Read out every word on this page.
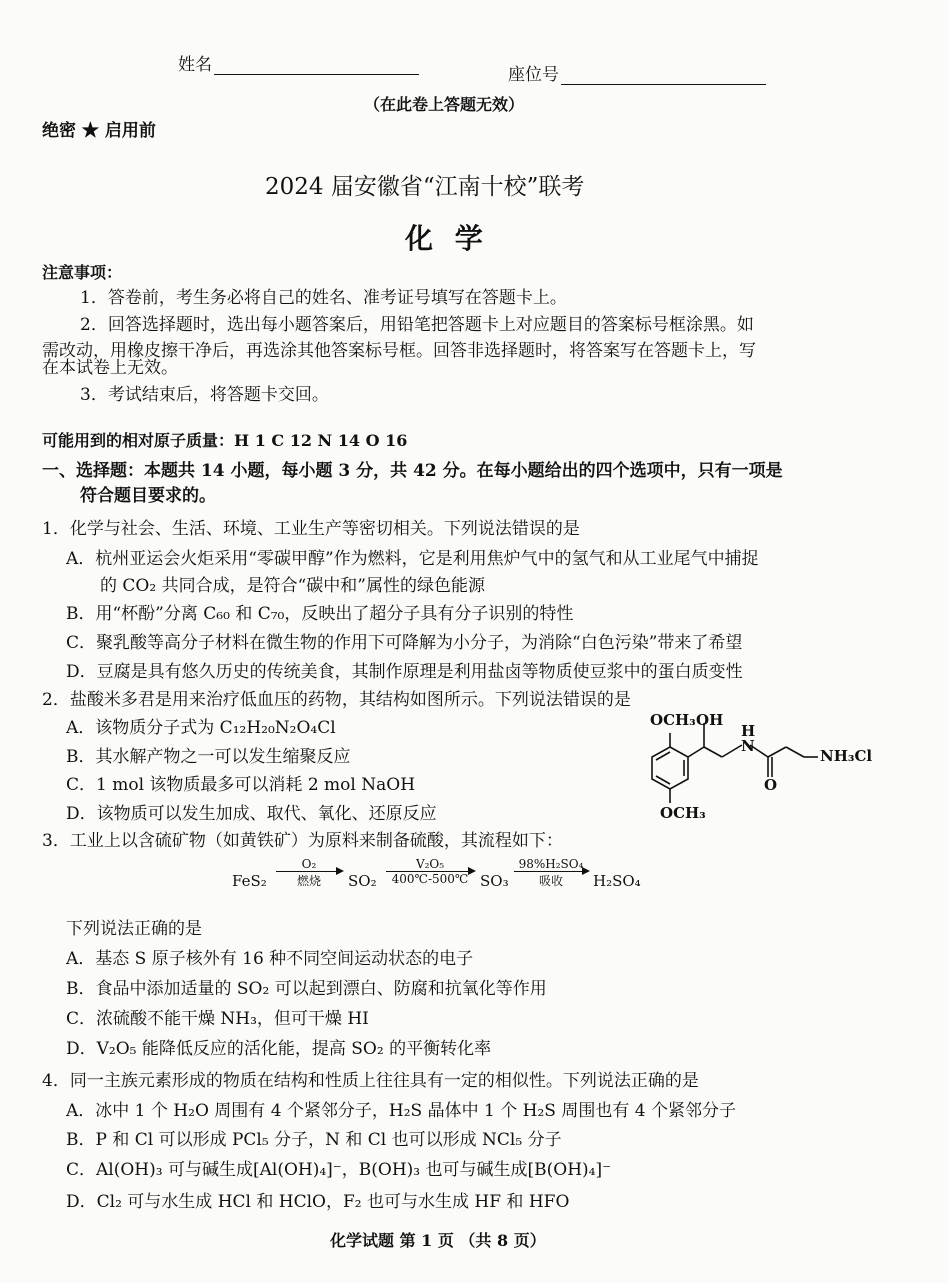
姓名	座位号
（在此卷上答题无效）
绝密 ★ 启用前
2024 届安徽省“江南十校”联考
化 学
注意事项：
1．答卷前，考生务必将自己的姓名、准考证号填写在答题卡上。
2．回答选择题时，选出每小题答案后，用铅笔把答题卡上对应题目的答案标号框涂黑。如
需改动，用橡皮擦干净后，再选涂其他答案标号框。回答非选择题时，将答案写在答题卡上，写
在本试卷上无效。
3．考试结束后，将答题卡交回。
可能用到的相对原子质量：H 1 C 12 N 14 O 16
一、选择题：本题共 14 小题，每小题 3 分，共 42 分。在每小题给出的四个选项中，只有一项是
符合题目要求的。
1．化学与社会、生活、环境、工业生产等密切相关。下列说法错误的是
A．杭州亚运会火炬采用“零碳甲醇”作为燃料，它是利用焦炉气中的氢气和从工业尾气中捕捉
的 CO₂ 共同合成，是符合“碳中和”属性的绿色能源
B．用“杯酚”分离 C₆₀ 和 C₇₀，反映出了超分子具有分子识别的特性
C．聚乳酸等高分子材料在微生物的作用下可降解为小分子，为消除“白色污染”带来了希望
D．豆腐是具有悠久历史的传统美食，其制作原理是利用盐卤等物质使豆浆中的蛋白质变性
2．盐酸米多君是用来治疗低血压的药物，其结构如图所示。下列说法错误的是
A．该物质分子式为 C₁₂H₂₀N₂O₄Cl
B．其水解产物之一可以发生缩聚反应
C．1 mol 该物质最多可以消耗 2 mol NaOH
D．该物质可以发生加成、取代、氧化、还原反应
OCH₃ OH
H
N
O
NH₃Cl
OCH₃
3．工业上以含硫矿物（如黄铁矿）为原料来制备硫酸，其流程如下：
FeS₂
O₂
燃烧	SO₂
V₂O₅
400℃-500℃ SO₃
98%H₂SO₄
吸收	H₂SO₄
下列说法正确的是
A．基态 S 原子核外有 16 种不同空间运动状态的电子
B．食品中添加适量的 SO₂ 可以起到漂白、防腐和抗氧化等作用
C．浓硫酸不能干燥 NH₃，但可干燥 HI
D．V₂O₅ 能降低反应的活化能，提高 SO₂ 的平衡转化率
4．同一主族元素形成的物质在结构和性质上往往具有一定的相似性。下列说法正确的是
A．冰中 1 个 H₂O 周围有 4 个紧邻分子，H₂S 晶体中 1 个 H₂S 周围也有 4 个紧邻分子
B．P 和 Cl 可以形成 PCl₅ 分子，N 和 Cl 也可以形成 NCl₅ 分子
C．Al(OH)₃ 可与碱生成[Al(OH)₄]⁻，B(OH)₃ 也可与碱生成[B(OH)₄]⁻
D．Cl₂ 可与水生成 HCl 和 HClO，F₂ 也可与水生成 HF 和 HFO
化学试题 第 1 页 （共 8 页）
